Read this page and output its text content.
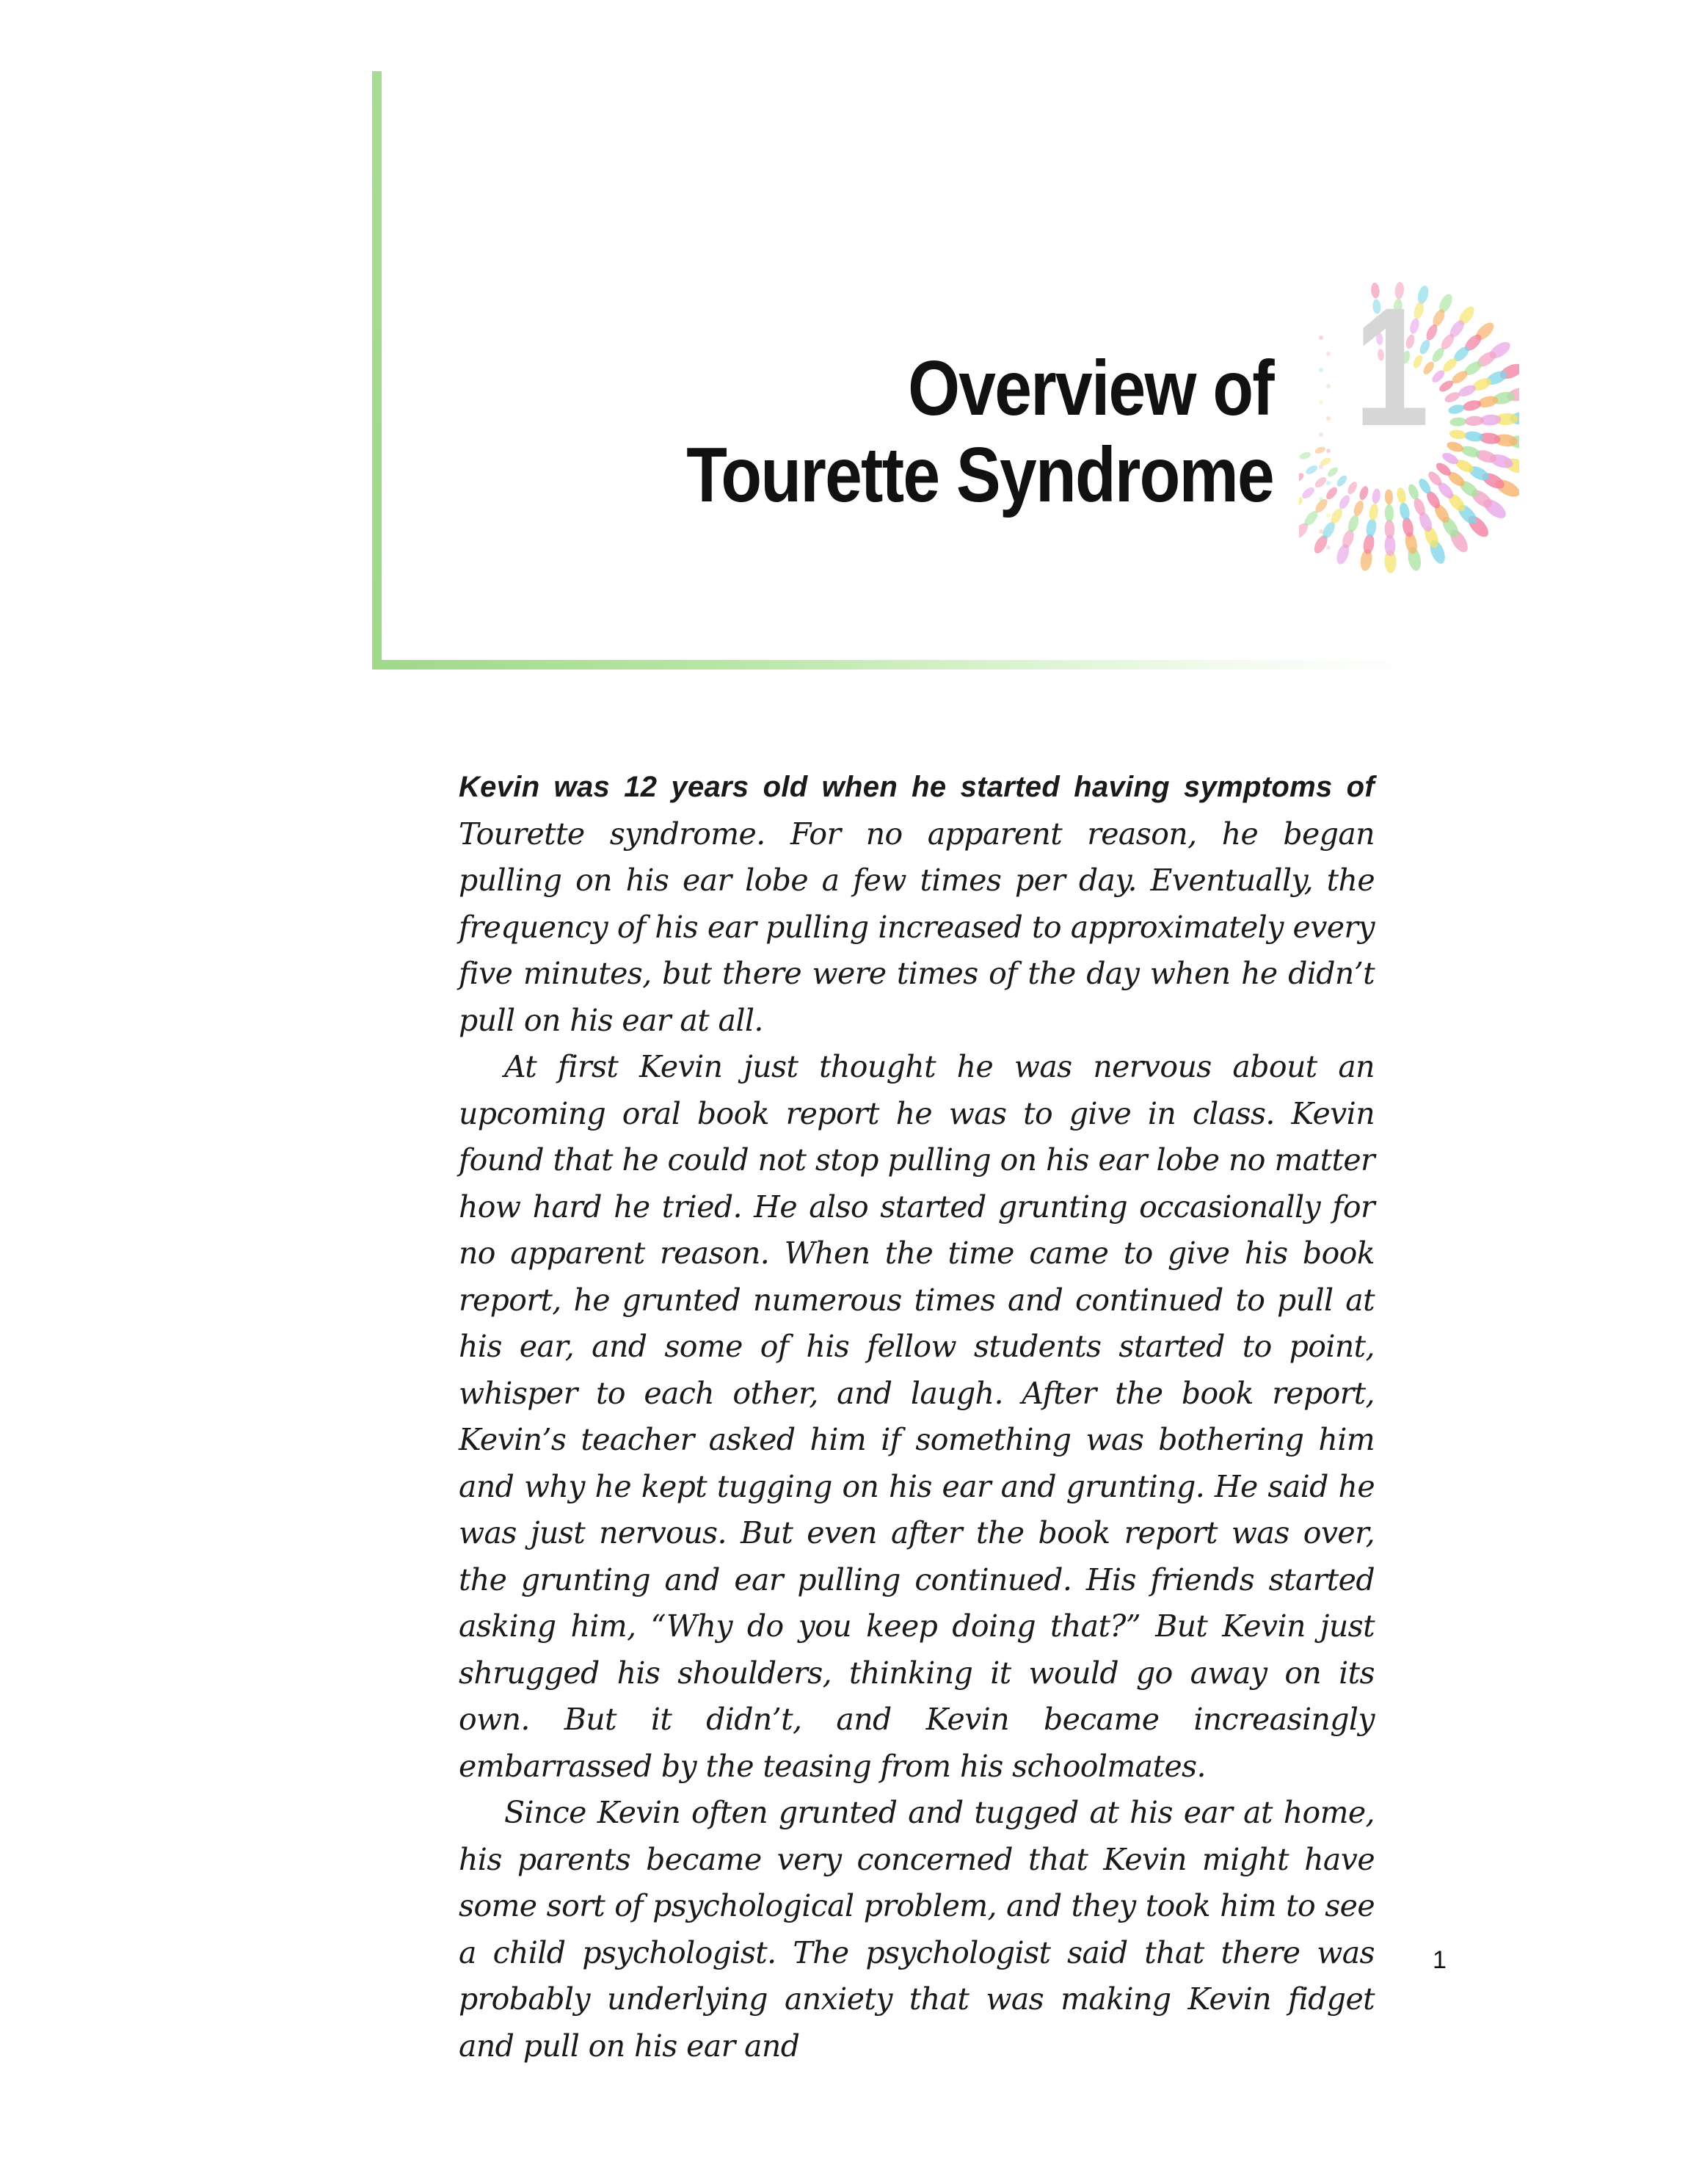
Overview of
Tourette Syndrome
1

Kevin was 12 years old when he started having symptoms of Tourette syndrome. For no apparent reason, he began pulling on his ear lobe a few times per day. Eventually, the frequency of his ear pulling increased to approximately every five minutes, but there were times of the day when he didn’t pull on his ear at all.

At first Kevin just thought he was nervous about an upcoming oral book report he was to give in class. Kevin found that he could not stop pulling on his ear lobe no matter how hard he tried. He also started grunting occasionally for no apparent reason. When the time came to give his book report, he grunted numerous times and continued to pull at his ear, and some of his fellow students started to point, whisper to each other, and laugh. After the book report, Kevin’s teacher asked him if something was bothering him and why he kept tugging on his ear and grunting. He said he was just nervous. But even after the book report was over, the grunting and ear pulling continued. His friends started asking him, “Why do you keep doing that?” But Kevin just shrugged his shoulders, thinking it would go away on its own. But it didn’t, and Kevin became increasingly embarrassed by the teasing from his schoolmates.

Since Kevin often grunted and tugged at his ear at home, his parents became very concerned that Kevin might have some sort of psychological problem, and they took him to see a child psychologist. The psychologist said that there was probably underlying anxiety that was making Kevin fidget and pull on his ear and

1
